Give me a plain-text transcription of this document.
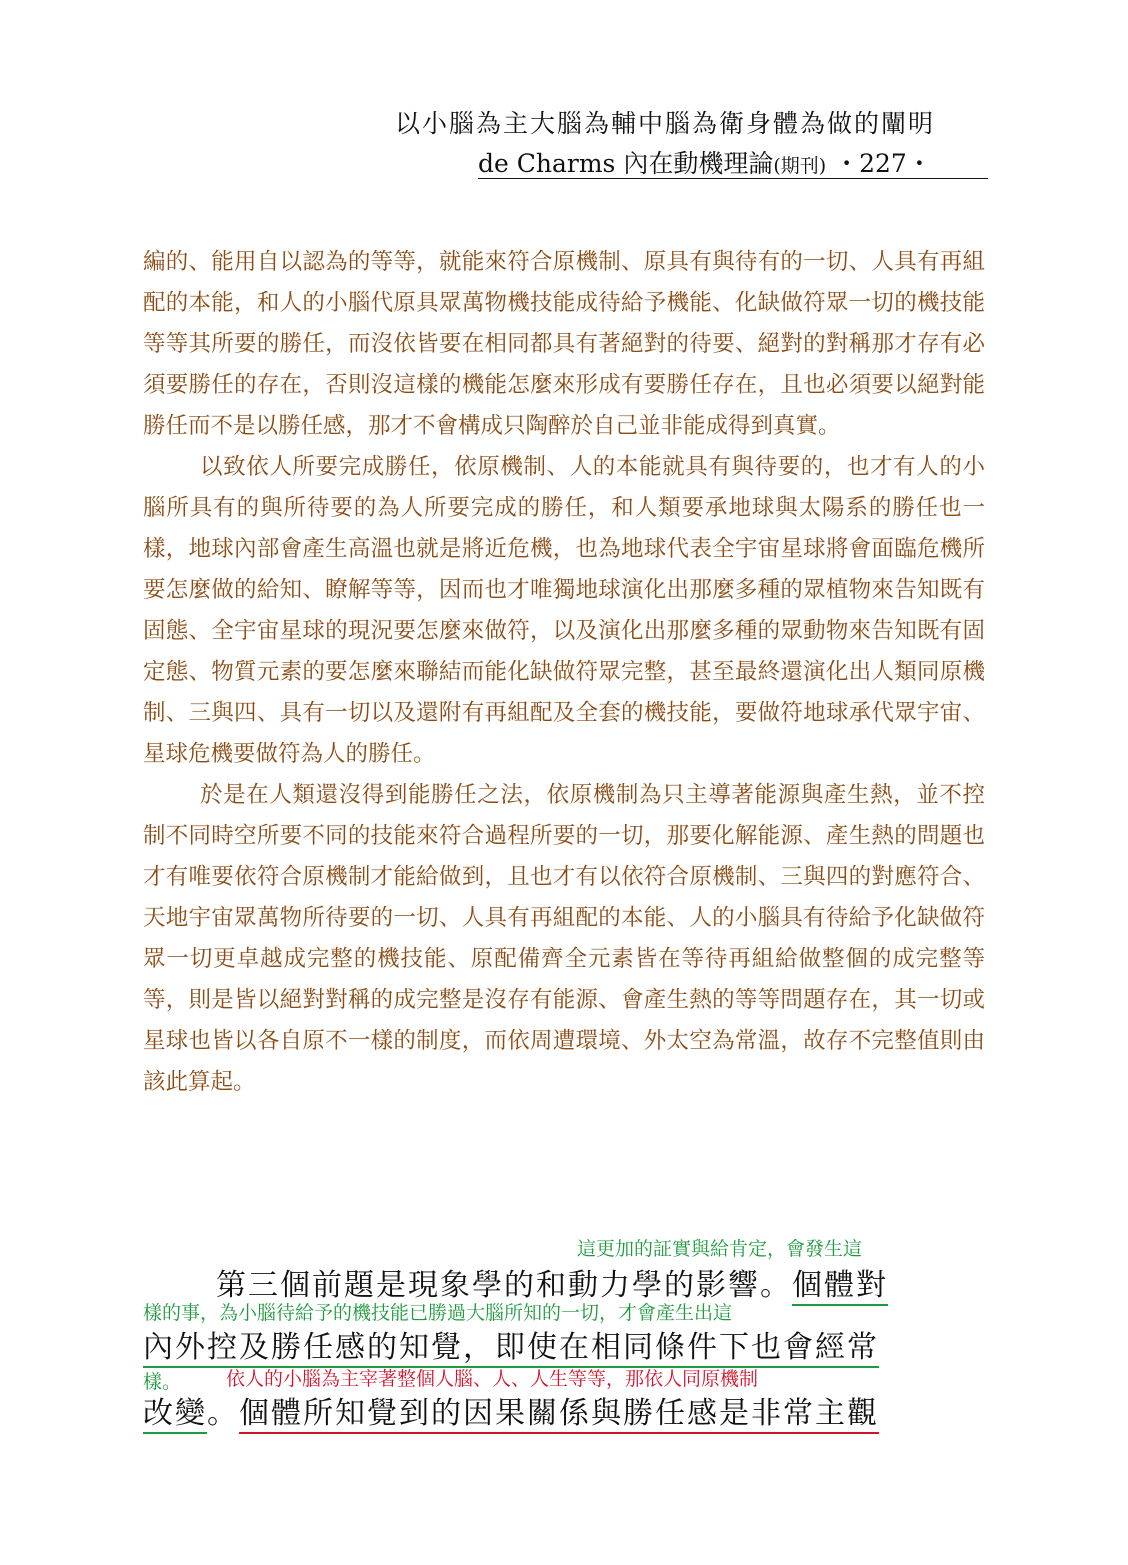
以小腦為主大腦為輔中腦為衛身體為做的闡明
de Charms 內在動機理論(期刊) ・227・

編的、能用自以認為的等等，就能來符合原機制、原具有與待有的一切、人具有再組配的本能，和人的小腦代原具眾萬物機技能成待給予機能、化缺做符眾一切的機技能等等其所要的勝任，而沒依皆要在相同都具有著絕對的待要、絕對的對稱那才存有必須要勝任的存在，否則沒這樣的機能怎麼來形成有要勝任存在，且也必須要以絕對能勝任而不是以勝任感，那才不會構成只陶醉於自己並非能成得到真實。

以致依人所要完成勝任，依原機制、人的本能就具有與待要的，也才有人的小腦所具有的與所待要的為人所要完成的勝任，和人類要承地球與太陽系的勝任也一樣，地球內部會產生高溫也就是將近危機，也為地球代表全宇宙星球將會面臨危機所要怎麼做的給知、瞭解等等，因而也才唯獨地球演化出那麼多種的眾植物來告知既有固態、全宇宙星球的現況要怎麼來做符，以及演化出那麼多種的眾動物來告知既有固定態、物質元素的要怎麼來聯結而能化缺做符眾完整，甚至最終還演化出人類同原機制、三與四、具有一切以及還附有再組配及全套的機技能，要做符地球承代眾宇宙、星球危機要做符為人的勝任。

於是在人類還沒得到能勝任之法，依原機制為只主導著能源與產生熱，並不控制不同時空所要不同的技能來符合過程所要的一切，那要化解能源、產生熱的問題也才有唯要依符合原機制才能給做到，且也才有以依符合原機制、三與四的對應符合、天地宇宙眾萬物所待要的一切、人具有再組配的本能、人的小腦具有待給予化缺做符眾一切更卓越成完整的機技能、原配備齊全元素皆在等待再組給做整個的成完整等等，則是皆以絕對對稱的成完整是沒存有能源、會產生熱的等等問題存在，其一切或星球也皆以各自原不一樣的制度，而依周遭環境、外太空為常溫，故存不完整值則由該此算起。

這更加的証實與給肯定，會發生這
第三個前題是現象學的和動力學的影響。個體對
樣的事，為小腦待給予的機技能已勝過大腦所知的一切，才會產生出這
內外控及勝任感的知覺，即使在相同條件下也會經常
樣。 依人的小腦為主宰著整個人腦、人、人生等等，那依人同原機制
改變。個體所知覺到的因果關係與勝任感是非常主觀
